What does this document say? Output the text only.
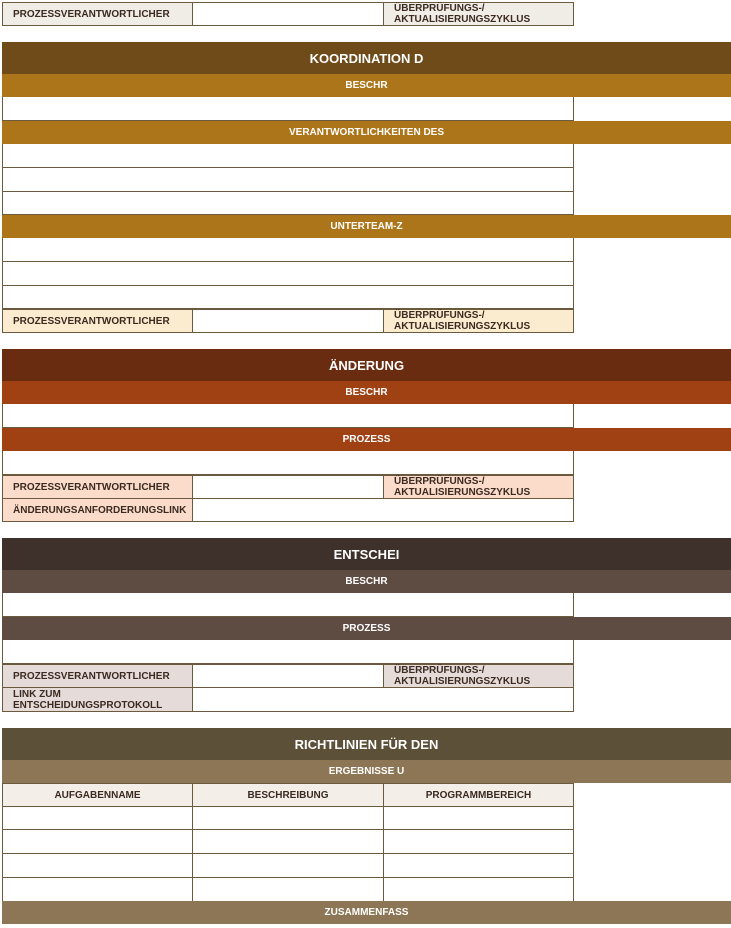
PROZESSVERANTWORTLICHER	ÜBERPRÜFUNGS-/
AKTUALISIERUNGSZYKLUS
KOORDINATION D
BESCHR
VERANTWORTLICHKEITEN DES
UNTERTEAM-Z
PROZESSVERANTWORTLICHER	ÜBERPRÜFUNGS-/
AKTUALISIERUNGSZYKLUS
ÄNDERUNG
BESCHR
PROZESS
PROZESSVERANTWORTLICHER	ÜBERPRÜFUNGS-/
AKTUALISIERUNGSZYKLUS
ÄNDERUNGSANFORDERUNGSLINK
ENTSCHEI
BESCHR
PROZESS
PROZESSVERANTWORTLICHER	ÜBERPRÜFUNGS-/
AKTUALISIERUNGSZYKLUS
LINK ZUM
ENTSCHEIDUNGSPROTOKOLL
RICHTLINIEN FÜR DEN
ERGEBNISSE U
AUFGABENNAME	BESCHREIBUNG	PROGRAMMBEREICH
ZUSAMMENFASS
